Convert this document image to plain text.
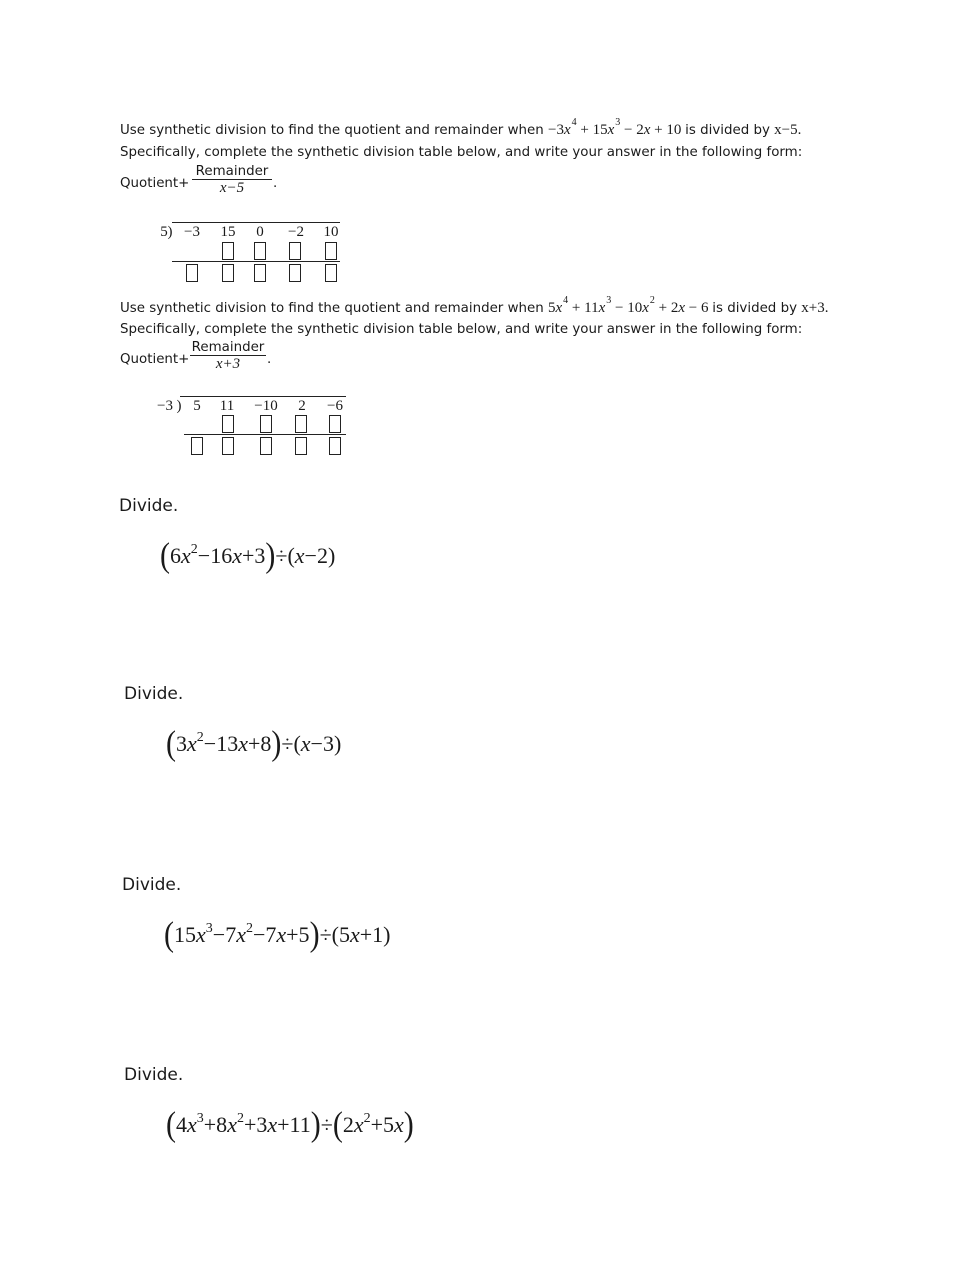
Use synthetic division to find the quotient and remainder when $-3x^4 + 15x^3 - 2x + 10$ is divided by x−5.
Specifically, complete the synthetic division table below, and write your answer in the following form:
Quotient+
Remainder
x−5	.
5 ) −3	15	0	−2	10
Use synthetic division to find the quotient and remainder when $5x^4 + 11x^3 - 10x^2 + 2x - 6$ is divided by x+3.
Specifically, complete the synthetic division table below, and write your answer in the following form:
Quotient+
Remainder
x+3	.
−3 ) 5	11 −10 2 −6
Divide.
$(6x^2-16x+3)\div(x-2)$
Divide.
$(3x^2-13x+8)\div(x-3)$
Divide.
$(15x^3-7x^2-7x+5)\div(5x+1)$
Divide.
$(4x^3+8x^2+3x+11)\div(2x^2+5x)$
